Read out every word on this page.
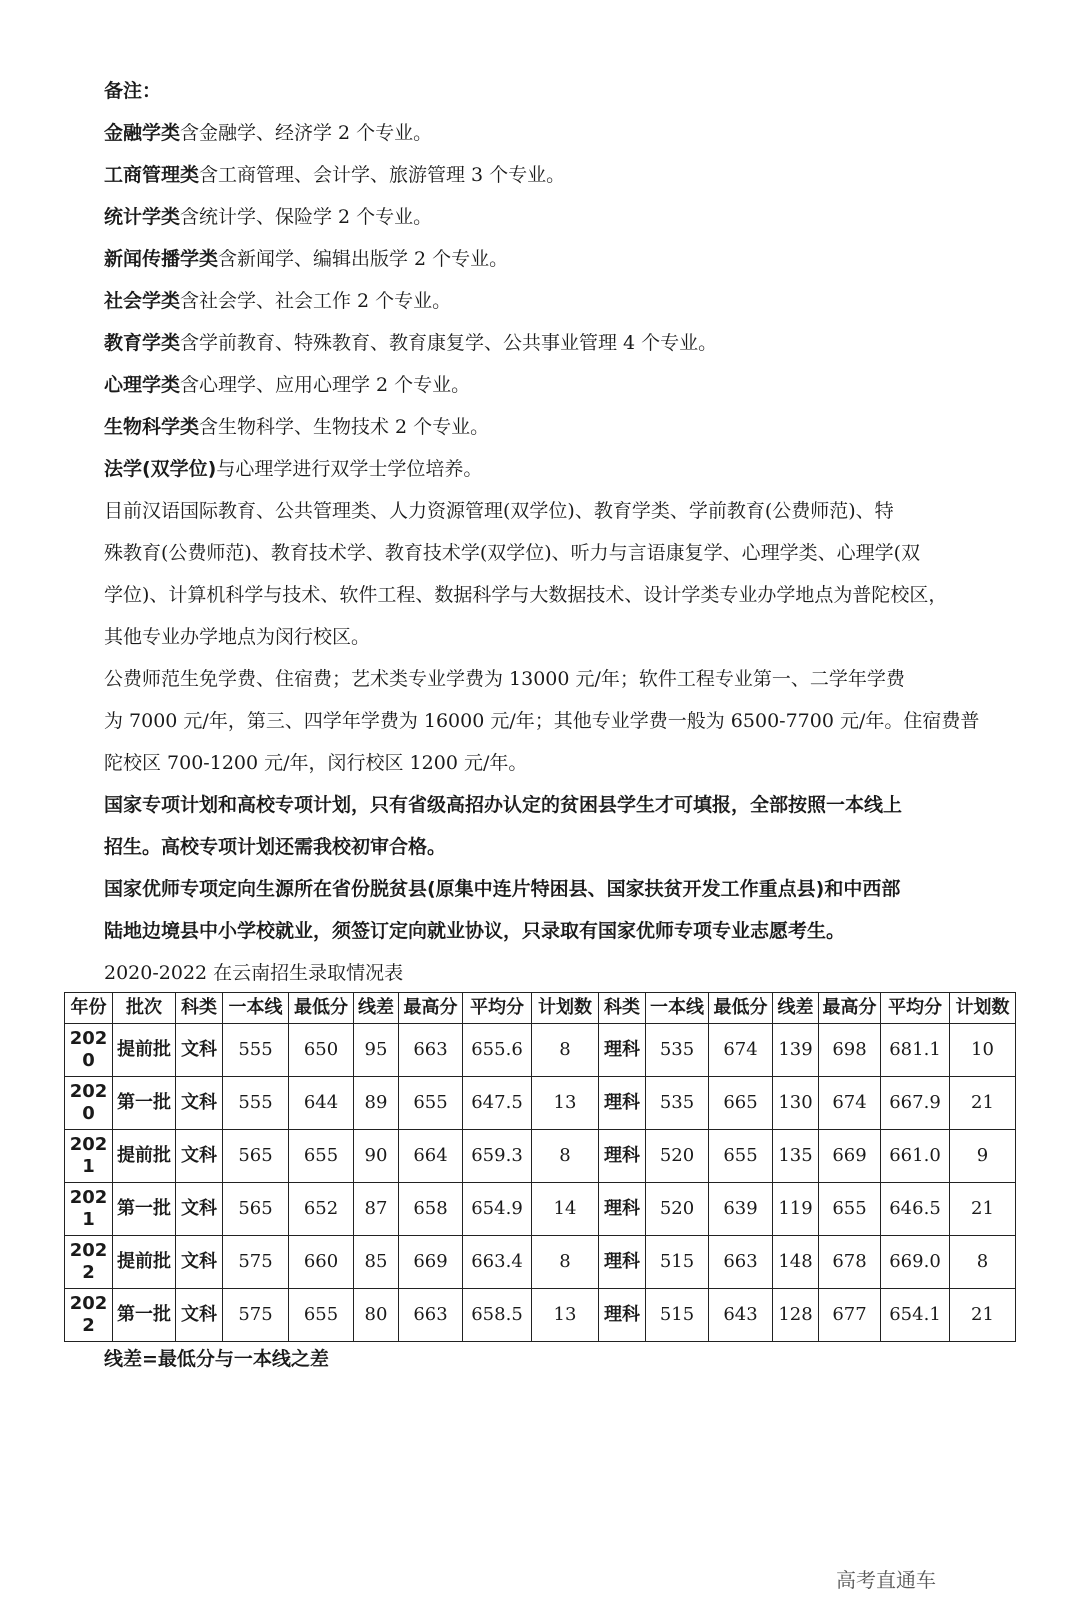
备注：
金融学类含金融学、经济学 2 个专业。
工商管理类含工商管理、会计学、旅游管理 3 个专业。
统计学类含统计学、保险学 2 个专业。
新闻传播学类含新闻学、编辑出版学 2 个专业。
社会学类含社会学、社会工作 2 个专业。
教育学类含学前教育、特殊教育、教育康复学、公共事业管理 4 个专业。
心理学类含心理学、应用心理学 2 个专业。
生物科学类含生物科学、生物技术 2 个专业。
法学(双学位)与心理学进行双学士学位培养。
目前汉语国际教育、公共管理类、人力资源管理(双学位)、教育学类、学前教育(公费师范)、特
殊教育(公费师范)、教育技术学、教育技术学(双学位)、听力与言语康复学、心理学类、心理学(双
学位)、计算机科学与技术、软件工程、数据科学与大数据技术、设计学类专业办学地点为普陀校区，
其他专业办学地点为闵行校区。
公费师范生免学费、住宿费；艺术类专业学费为 13000 元/年；软件工程专业第一、二学年学费
为 7000 元/年，第三、四学年学费为 16000 元/年；其他专业学费一般为 6500-7700 元/年。住宿费普
陀校区 700-1200 元/年，闵行校区 1200 元/年。
国家专项计划和高校专项计划，只有省级高招办认定的贫困县学生才可填报，全部按照一本线上
招生。高校专项计划还需我校初审合格。
国家优师专项定向生源所在省份脱贫县(原集中连片特困县、国家扶贫开发工作重点县)和中西部
陆地边境县中小学校就业，须签订定向就业协议，只录取有国家优师专项专业志愿考生。
2020-2022 在云南招生录取情况表
年份	批次	科类	一本线	最低分	线差	最高分	平均分	计划数	科类	一本线	最低分	线差	最高分	平均分	计划数
2020	提前批	文科	555	650	95	663	655.6	8	理科	535	674	139	698	681.1	10
2020	第一批	文科	555	644	89	655	647.5	13	理科	535	665	130	674	667.9	21
2021	提前批	文科	565	655	90	664	659.3	8	理科	520	655	135	669	661.0	9
2021	第一批	文科	565	652	87	658	654.9	14	理科	520	639	119	655	646.5	21
2022	提前批	文科	575	660	85	669	663.4	8	理科	515	663	148	678	669.0	8
2022	第一批	文科	575	655	80	663	658.5	13	理科	515	643	128	677	654.1	21
线差=最低分与一本线之差
高考直通车
